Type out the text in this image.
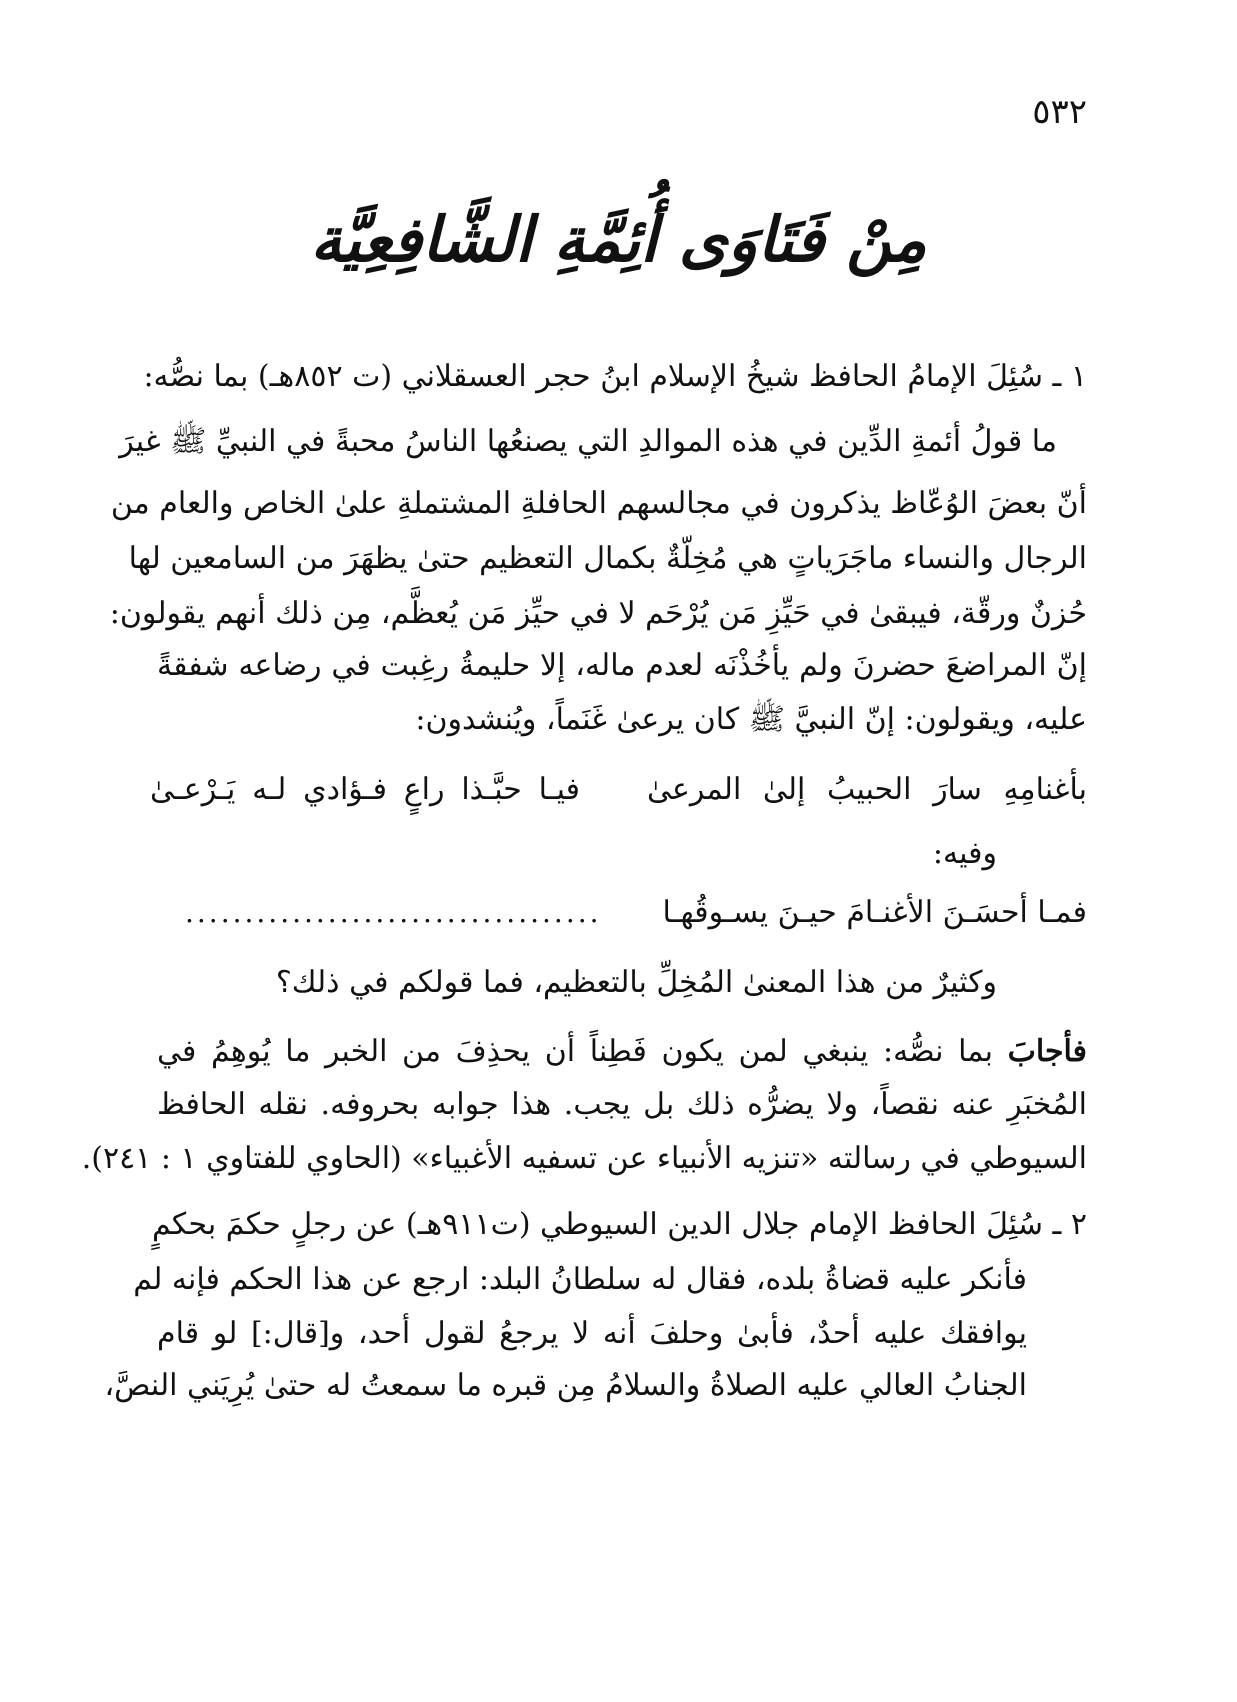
٥٣٢
مِنْ فَتَاوَى أُئِمَّةِ الشَّافِعِيَّة
١ ـ سُئِلَ الإمامُ الحافظ شيخُ الإسلام ابنُ حجر العسقلاني (ت ٨٥٢هـ) بما نصُّه:
ما قولُ أئمةِ الدِّين في هذه الموالدِ التي يصنعُها الناسُ محبةً في النبيِّ ﷺ غيرَ
أنّ بعضَ الوُعّاظ يذكرون في مجالسهم الحافلةِ المشتملةِ علىٰ الخاص والعام من
الرجال والنساء ماجَرَياتٍ هي مُخِلّةٌ بكمال التعظيم حتىٰ يظهَرَ من السامعين لها
حُزنٌ ورقّة، فيبقىٰ في حَيِّزِ مَن يُرْحَم لا في حيِّز مَن يُعظَّم، مِن ذلك أنهم يقولون:
إنّ المراضعَ حضرنَ ولم يأخُذْنَه لعدم ماله، إلا حليمةُ رغِبت في رضاعه شفقةً
عليه، ويقولون: إنّ النبيَّ ﷺ كان يرعىٰ غَنَماً، ويُنشدون:
بأغنامِهِ سارَ الحبيبُ إلىٰ المرعىٰ
فيـا حبَّـذا راعٍ فـؤادي لـه يَـرْعـىٰ
وفيه:
فمـا أحسَـنَ الأغنـامَ حيـنَ يسـوقُهـا
...................................
وكثيرٌ من هذا المعنىٰ المُخِلِّ بالتعظيم، فما قولكم في ذلك؟
فأجابَ بما نصُّه: ينبغي لمن يكون فَطِناً أن يحذِفَ من الخبر ما يُوهِمُ في
المُخبَرِ عنه نقصاً، ولا يضرُّه ذلك بل يجب. هذا جوابه بحروفه. نقله الحافظ
السيوطي في رسالته «تنزيه الأنبياء عن تسفيه الأغبياء» (الحاوي للفتاوي ١ : ٢٤١).
٢ ـ سُئِلَ الحافظ الإمام جلال الدين السيوطي (ت٩١١هـ) عن رجلٍ حكمَ بحكمٍ
فأنكر عليه قضاةُ بلده، فقال له سلطانُ البلد: ارجع عن هذا الحكم فإنه لم
يوافقك عليه أحدٌ، فأبىٰ وحلفَ أنه لا يرجعُ لقول أحد، و[قال:] لو قام
الجنابُ العالي عليه الصلاةُ والسلامُ مِن قبره ما سمعتُ له حتىٰ يُرِيَني النصَّ،
